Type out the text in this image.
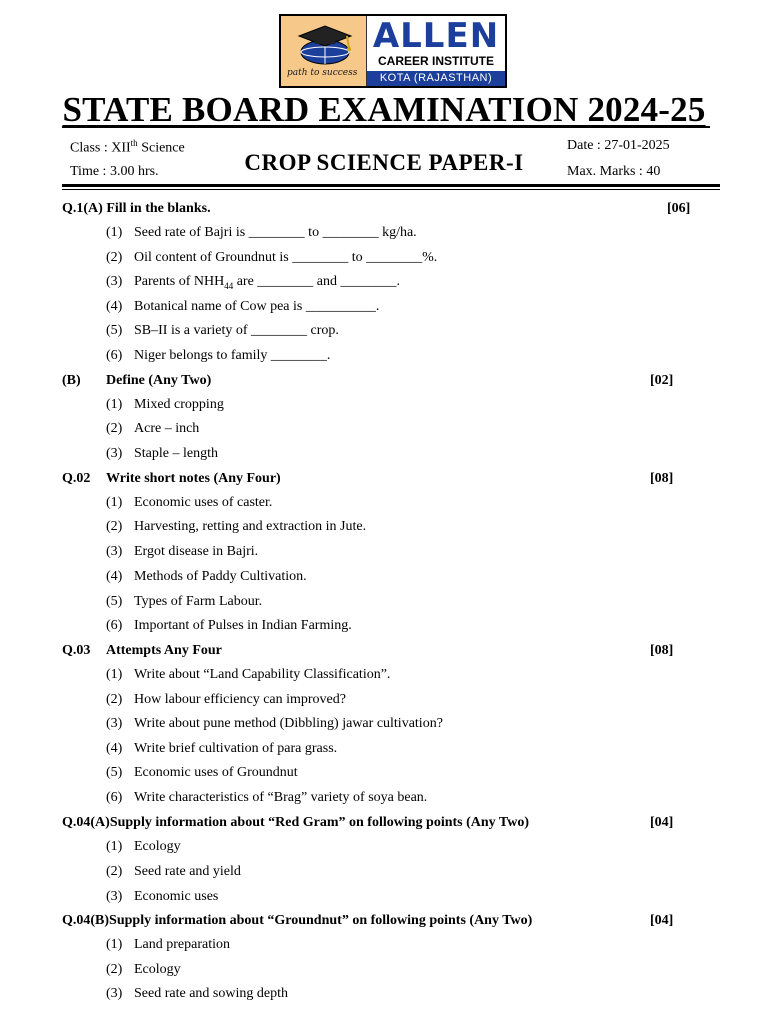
path to success
ALLEN
CAREER INSTITUTE
KOTA (RAJASTHAN)
STATE BOARD EXAMINATION 2024-25
Class : XIIth Science
Time : 3.00 hrs.	CROP SCIENCE PAPER-I
Date : 27-01-2025
Max. Marks : 40
Q.1(A) Fill in the blanks.	[06]
(1) Seed rate of Bajri is ________ to ________ kg/ha.
(2) Oil content of Groundnut is ________ to ________%.
(3) Parents of $NHH_{44}$ are ________ and ________.
(4) Botanical name of Cow pea is __________.
(5) SB–II is a variety of ________ crop.
(6) Niger belongs to family ________.
(B) Define (Any Two)	[02]
(1) Mixed cropping
(2) Acre – inch
(3) Staple – length
Q.02 Write short notes (Any Four)	[08]
(1) Economic uses of caster.
(2) Harvesting, retting and extraction in Jute.
(3) Ergot disease in Bajri.
(4) Methods of Paddy Cultivation.
(5) Types of Farm Labour.
(6) Important of Pulses in Indian Farming.
Q.03 Attempts Any Four	[08]
(1) Write about “Land Capability Classification”.
(2) How labour efficiency can improved?
(3) Write about pune method (Dibbling) jawar cultivation?
(4) Write brief cultivation of para grass.
(5) Economic uses of Groundnut
(6) Write characteristics of “Brag” variety of soya bean.
Q.04(A)Supply information about “Red Gram” on following points (Any Two)	[04]
(1) Ecology
(2) Seed rate and yield
(3) Economic uses
Q.04(B)Supply information about “Groundnut” on following points (Any Two)	[04]
(1) Land preparation
(2) Ecology
(3) Seed rate and sowing depth
